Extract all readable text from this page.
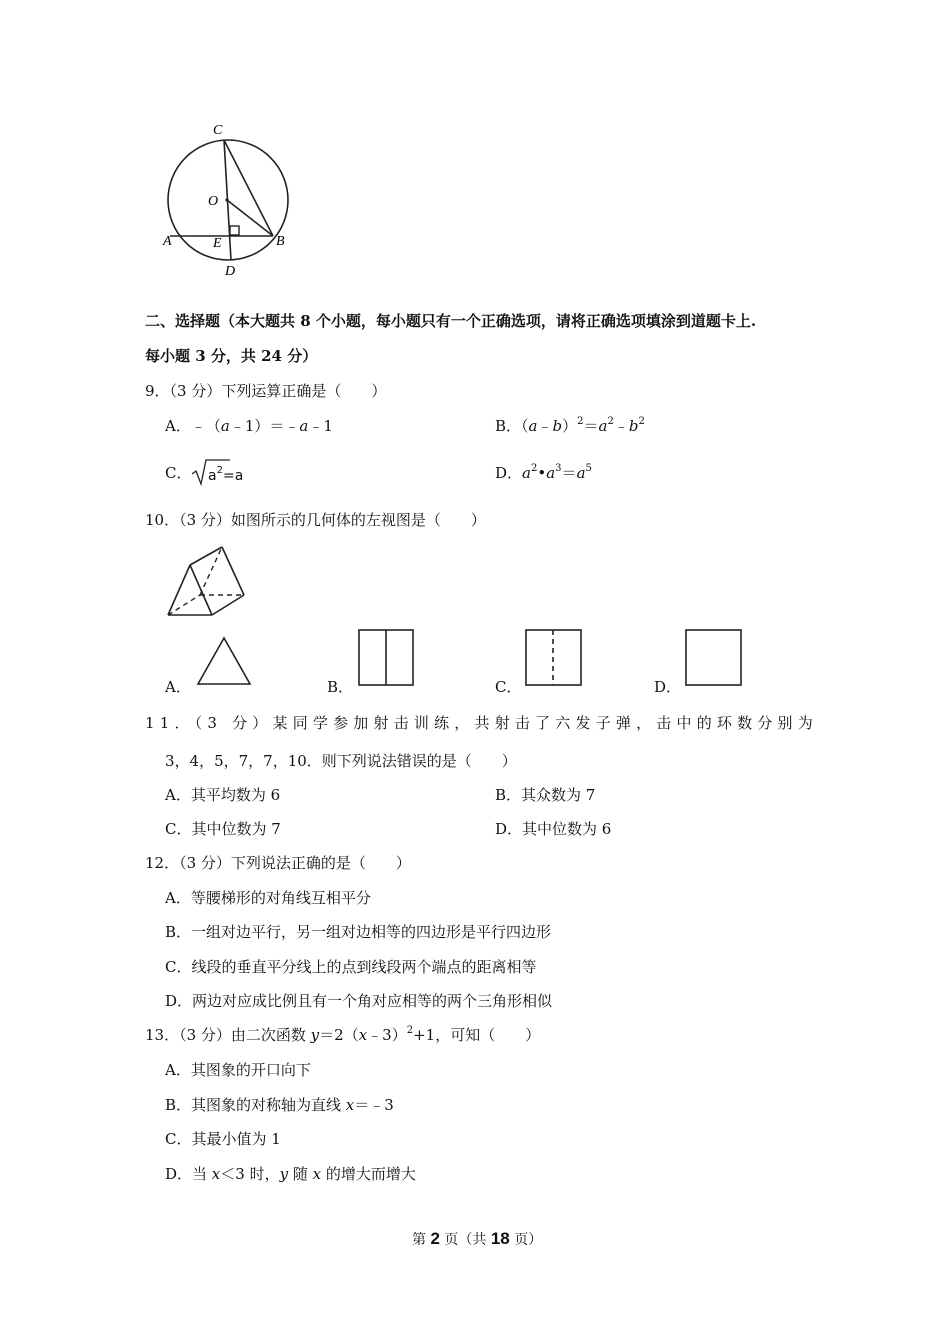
C
O
A	E	B
D
二、选择题（本大题共 8 个小题，每小题只有一个正确选项，请将正确选项填涂到道题卡上.
每小题 3 分，共 24 分）
9．（3 分）下列运算正确是（　　）
A．﹣（a﹣1）＝﹣a﹣1	B．$(a﹣b)^2=a^2﹣b^2$
C． $a^2=a$	D．$a^2•a^3=a^5$
10．（3 分）如图所示的几何体的左视图是（　　）
A．	B．	C．	D．
11．（3 分）某同学参加射击训练，共射击了六发子弹，击中的环数分别为
3，4，5，7，7，10．则下列说法错误的是（　　）
A．其平均数为 6	B．其众数为 7
C．其中位数为 7	D．其中位数为 6
12．（3 分）下列说法正确的是（　　）
A．等腰梯形的对角线互相平分
B．一组对边平行，另一组对边相等的四边形是平行四边形
C．线段的垂直平分线上的点到线段两个端点的距离相等
D．两边对应成比例且有一个角对应相等的两个三角形相似
13．（3 分）由二次函数 y＝2（x﹣3）$^2$+1，可知（　　）
A．其图象的开口向下
B．其图象的对称轴为直线 x＝﹣3
C．其最小值为 1
D．当 x＜3 时，y 随 x 的增大而增大
第 2 页（共 18 页）
